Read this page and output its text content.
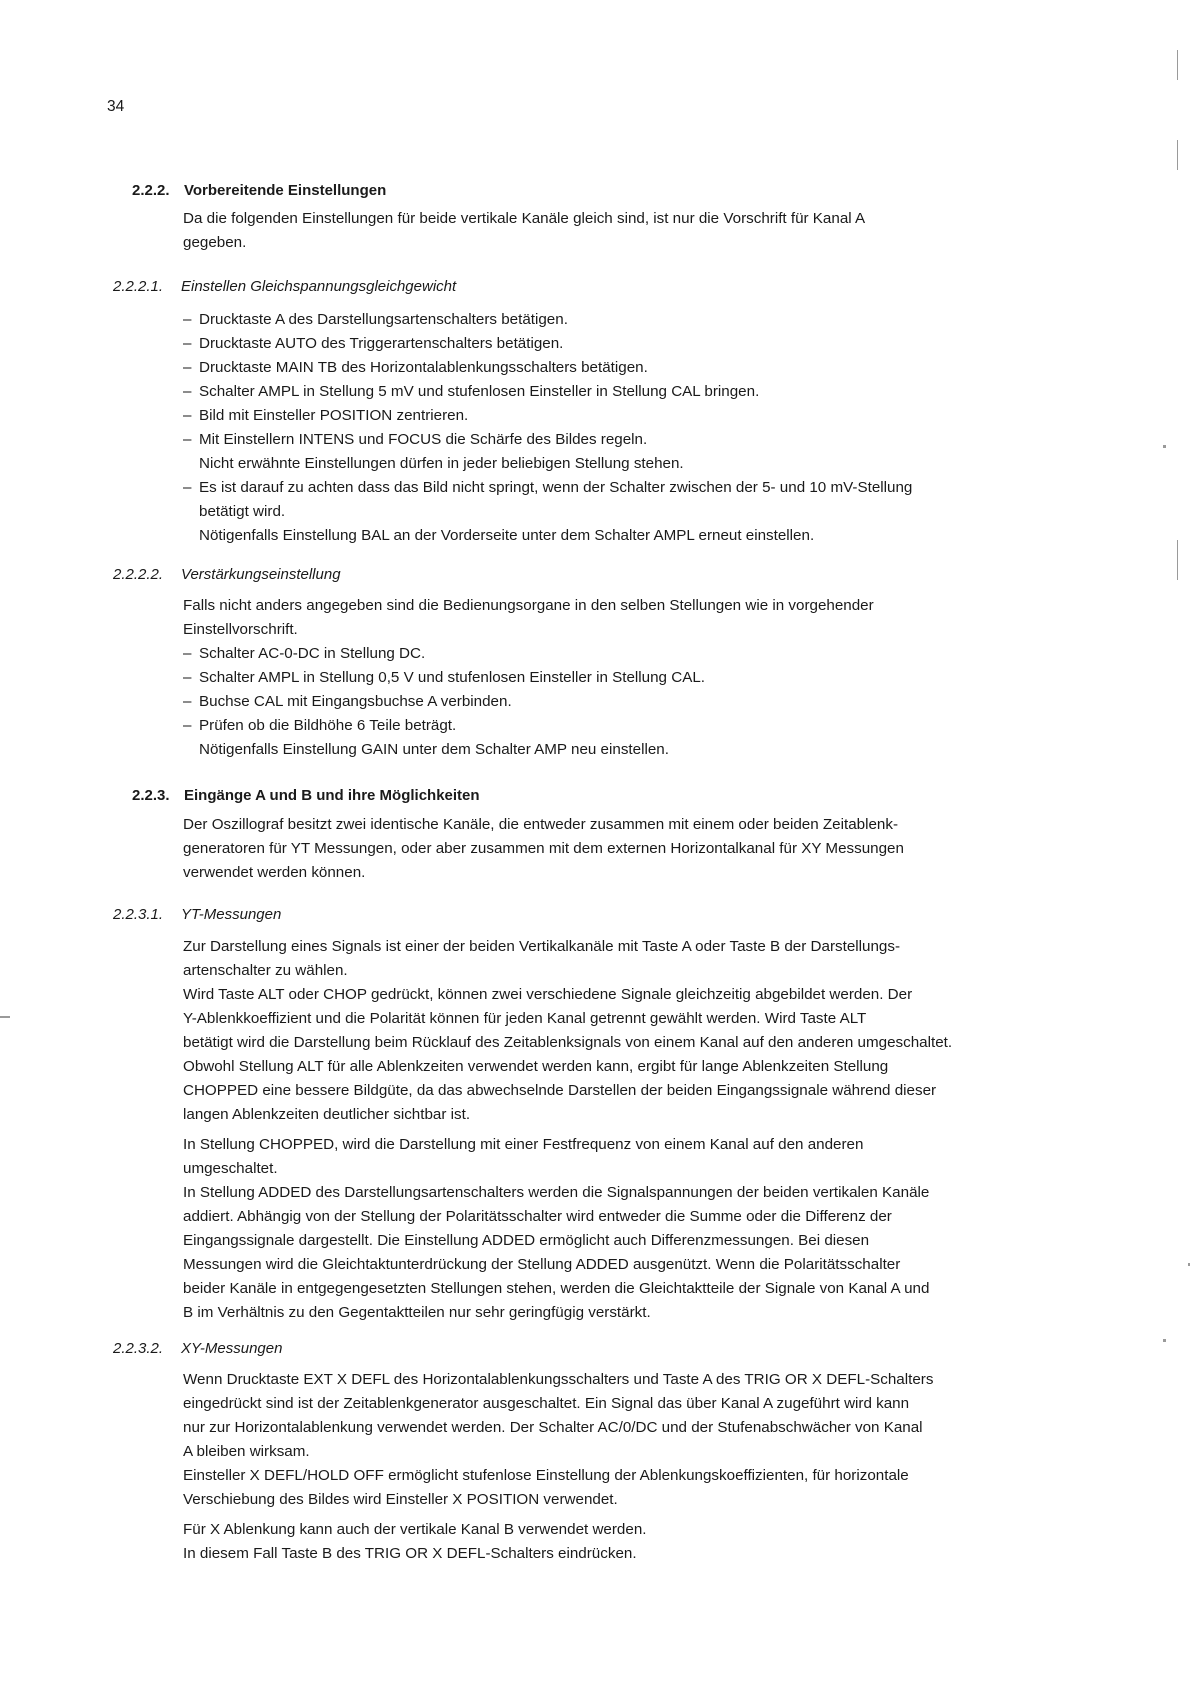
34
2.2.2. Vorbereitende Einstellungen

Da die folgenden Einstellungen für beide vertikale Kanäle gleich sind, ist nur die Vorschrift für Kanal A

gegeben.

2.2.2.1. Einstellen Gleichspannungsgleichgewicht
– Drucktaste A des Darstellungsartenschalters betätigen.
– Drucktaste AUTO des Triggerartenschalters betätigen.
– Drucktaste MAIN TB des Horizontalablenkungsschalters betätigen.
– Schalter AMPL in Stellung 5 mV und stufenlosen Einsteller in Stellung CAL bringen.
– Bild mit Einsteller POSITION zentrieren.
– Mit Einstellern INTENS und FOCUS die Schärfe des Bildes regeln.
Nicht erwähnte Einstellungen dürfen in jeder beliebigen Stellung stehen.
– Es ist darauf zu achten dass das Bild nicht springt, wenn der Schalter zwischen der 5- und 10 mV-Stellung
betätigt wird.
Nötigenfalls Einstellung BAL an der Vorderseite unter dem Schalter AMPL erneut einstellen.
2.2.2.2. Verstärkungseinstellung

Falls nicht anders angegeben sind die Bedienungsorgane in den selben Stellungen wie in vorgehender

Einstellvorschrift.

– Schalter AC-0-DC in Stellung DC.
– Schalter AMPL in Stellung 0,5 V und stufenlosen Einsteller in Stellung CAL.
– Buchse CAL mit Eingangsbuchse A verbinden.
– Prüfen ob die Bildhöhe 6 Teile beträgt.
Nötigenfalls Einstellung GAIN unter dem Schalter AMP neu einstellen.
2.2.3. Eingänge A und B und ihre Möglichkeiten

Der Oszillograf besitzt zwei identische Kanäle, die entweder zusammen mit einem oder beiden Zeitablenk-

generatoren für YT Messungen, oder aber zusammen mit dem externen Horizontalkanal für XY Messungen

verwendet werden können.

2.2.3.1. YT-Messungen

Zur Darstellung eines Signals ist einer der beiden Vertikalkanäle mit Taste A oder Taste B der Darstellungs-

artenschalter zu wählen.

Wird Taste ALT oder CHOP gedrückt, können zwei verschiedene Signale gleichzeitig abgebildet werden. Der

Y-Ablenkkoeffizient und die Polarität können für jeden Kanal getrennt gewählt werden. Wird Taste ALT

betätigt wird die Darstellung beim Rücklauf des Zeitablenksignals von einem Kanal auf den anderen umgeschaltet.

Obwohl Stellung ALT für alle Ablenkzeiten verwendet werden kann, ergibt für lange Ablenkzeiten Stellung

CHOPPED eine bessere Bildgüte, da das abwechselnde Darstellen der beiden Eingangssignale während dieser

langen Ablenkzeiten deutlicher sichtbar ist.

In Stellung CHOPPED, wird die Darstellung mit einer Festfrequenz von einem Kanal auf den anderen

umgeschaltet.

In Stellung ADDED des Darstellungsartenschalters werden die Signalspannungen der beiden vertikalen Kanäle

addiert. Abhängig von der Stellung der Polaritätsschalter wird entweder die Summe oder die Differenz der

Eingangssignale dargestellt. Die Einstellung ADDED ermöglicht auch Differenzmessungen. Bei diesen

Messungen wird die Gleichtaktunterdrückung der Stellung ADDED ausgenützt. Wenn die Polaritätsschalter

beider Kanäle in entgegengesetzten Stellungen stehen, werden die Gleichtaktteile der Signale von Kanal A und

B im Verhältnis zu den Gegentaktteilen nur sehr geringfügig verstärkt.

2.2.3.2. XY-Messungen

Wenn Drucktaste EXT X DEFL des Horizontalablenkungsschalters und Taste A des TRIG OR X DEFL-Schalters

eingedrückt sind ist der Zeitablenkgenerator ausgeschaltet. Ein Signal das über Kanal A zugeführt wird kann

nur zur Horizontalablenkung verwendet werden. Der Schalter AC/0/DC und der Stufenabschwächer von Kanal

A bleiben wirksam.

Einsteller X DEFL/HOLD OFF ermöglicht stufenlose Einstellung der Ablenkungskoeffizienten, für horizontale

Verschiebung des Bildes wird Einsteller X POSITION verwendet.

Für X Ablenkung kann auch der vertikale Kanal B verwendet werden.

In diesem Fall Taste B des TRIG OR X DEFL-Schalters eindrücken.
